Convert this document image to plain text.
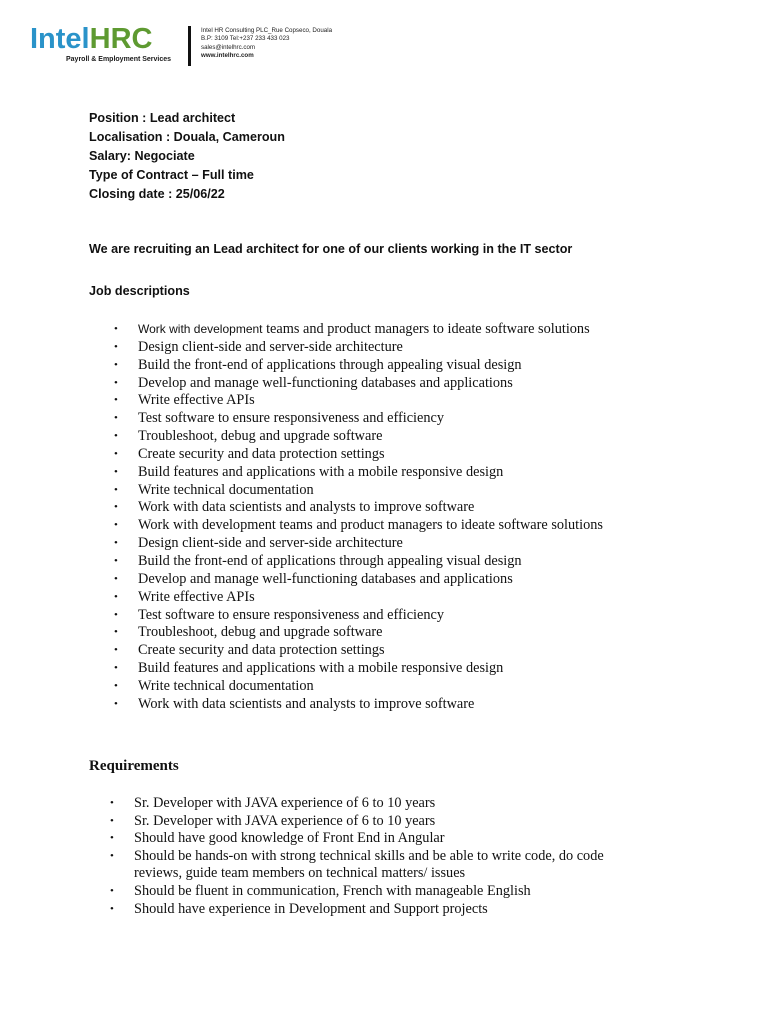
IntelHRC
Payroll & Employment Services
Intel HR Consulting PLC_Rue Copseco, Douala
B.P: 3109 Tel:+237 233 433 023
sales@intelhrc.com
www.intelhrc.com
Position : Lead architect
Localisation : Douala, Cameroun
Salary: Negociate
Type of Contract – Full time
Closing date : 25/06/22
We are recruiting an Lead architect for one of our clients working in the IT sector
Job descriptions
• Work with development teams and product managers to ideate software solutions
• Design client-side and server-side architecture
• Build the front-end of applications through appealing visual design
• Develop and manage well-functioning databases and applications
• Write effective APIs
• Test software to ensure responsiveness and efficiency
• Troubleshoot, debug and upgrade software
• Create security and data protection settings
• Build features and applications with a mobile responsive design
• Write technical documentation
• Work with data scientists and analysts to improve software
• Work with development teams and product managers to ideate software solutions
• Design client-side and server-side architecture
• Build the front-end of applications through appealing visual design
• Develop and manage well-functioning databases and applications
• Write effective APIs
• Test software to ensure responsiveness and efficiency
• Troubleshoot, debug and upgrade software
• Create security and data protection settings
• Build features and applications with a mobile responsive design
• Write technical documentation
• Work with data scientists and analysts to improve software
Requirements
• Sr. Developer with JAVA experience of 6 to 10 years
• Sr. Developer with JAVA experience of 6 to 10 years
• Should have good knowledge of Front End in Angular
• Should be hands-on with strong technical skills and be able to write code, do code reviews, guide team members on technical matters/ issues
• Should be fluent in communication, French with manageable English
• Should have experience in Development and Support projects
